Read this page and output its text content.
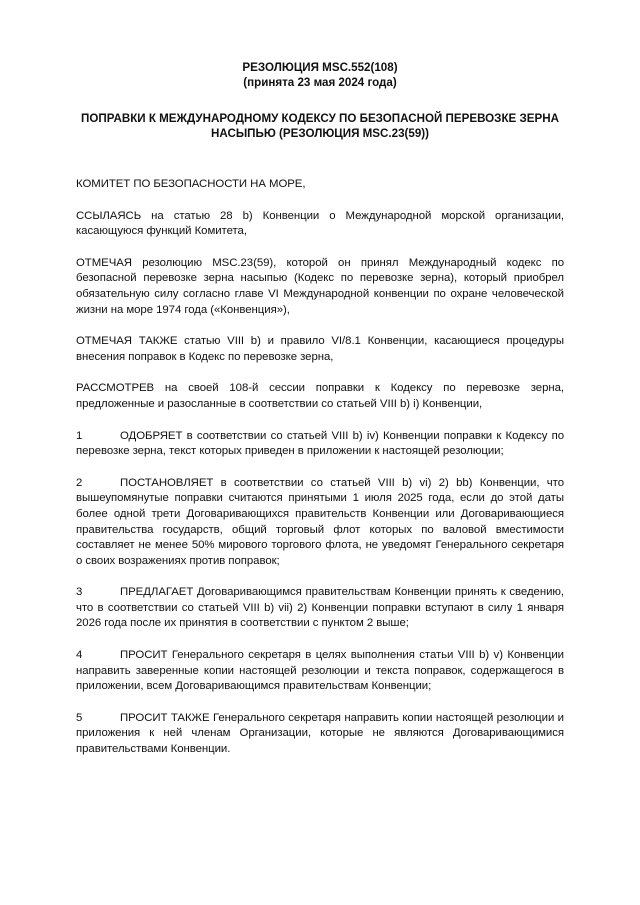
РЕЗОЛЮЦИЯ MSC.552(108)

(принята 23 мая 2024 года)

ПОПРАВКИ К МЕЖДУНАРОДНОМУ КОДЕКСУ ПО БЕЗОПАСНОЙ ПЕРЕВОЗКЕ ЗЕРНА НАСЫПЬЮ (РЕЗОЛЮЦИЯ MSC.23(59))

КОМИТЕТ ПО БЕЗОПАСНОСТИ НА МОРЕ,

ССЫЛАЯСЬ на статью 28 b) Конвенции о Международной морской организации, касающуюся функций Комитета,

ОТМЕЧАЯ резолюцию MSC.23(59), которой он принял Международный кодекс по безопасной перевозке зерна насыпью (Кодекс по перевозке зерна), который приобрел обязательную силу согласно главе VI Международной конвенции по охране человеческой жизни на море 1974 года («Конвенция»),

ОТМЕЧАЯ ТАКЖЕ статью VIII b) и правило VI/8.1 Конвенции, касающиеся процедуры внесения поправок в Кодекс по перевозке зерна,

РАССМОТРЕВ на своей 108-й сессии поправки к Кодексу по перевозке зерна, предложенные и разосланные в соответствии со статьей VIII b) i) Конвенции,

1	ОДОБРЯЕТ в соответствии со статьей VIII b) iv) Конвенции поправки к Кодексу по перевозке зерна, текст которых приведен в приложении к настоящей резолюции;

2	ПОСТАНОВЛЯЕТ в соответствии со статьей VIII b) vi) 2) bb) Конвенции, что вышеупомянутые поправки считаются принятыми 1 июля 2025 года, если до этой даты более одной трети Договаривающихся правительств Конвенции или Договаривающиеся правительства государств, общий торговый флот которых по валовой вместимости составляет не менее 50% мирового торгового флота, не уведомят Генерального секретаря о своих возражениях против поправок;

3	ПРЕДЛАГАЕТ Договаривающимся правительствам Конвенции принять к сведению, что в соответствии со статьей VIII b) vii) 2) Конвенции поправки вступают в силу 1 января 2026 года после их принятия в соответствии с пунктом 2 выше;

4	ПРОСИТ Генерального секретаря в целях выполнения статьи VIII b) v) Конвенции направить заверенные копии настоящей резолюции и текста поправок, содержащегося в приложении, всем Договаривающимся правительствам Конвенции;

5	ПРОСИТ ТАКЖЕ Генерального секретаря направить копии настоящей резолюции и приложения к ней членам Организации, которые не являются Договаривающимися правительствами Конвенции.
